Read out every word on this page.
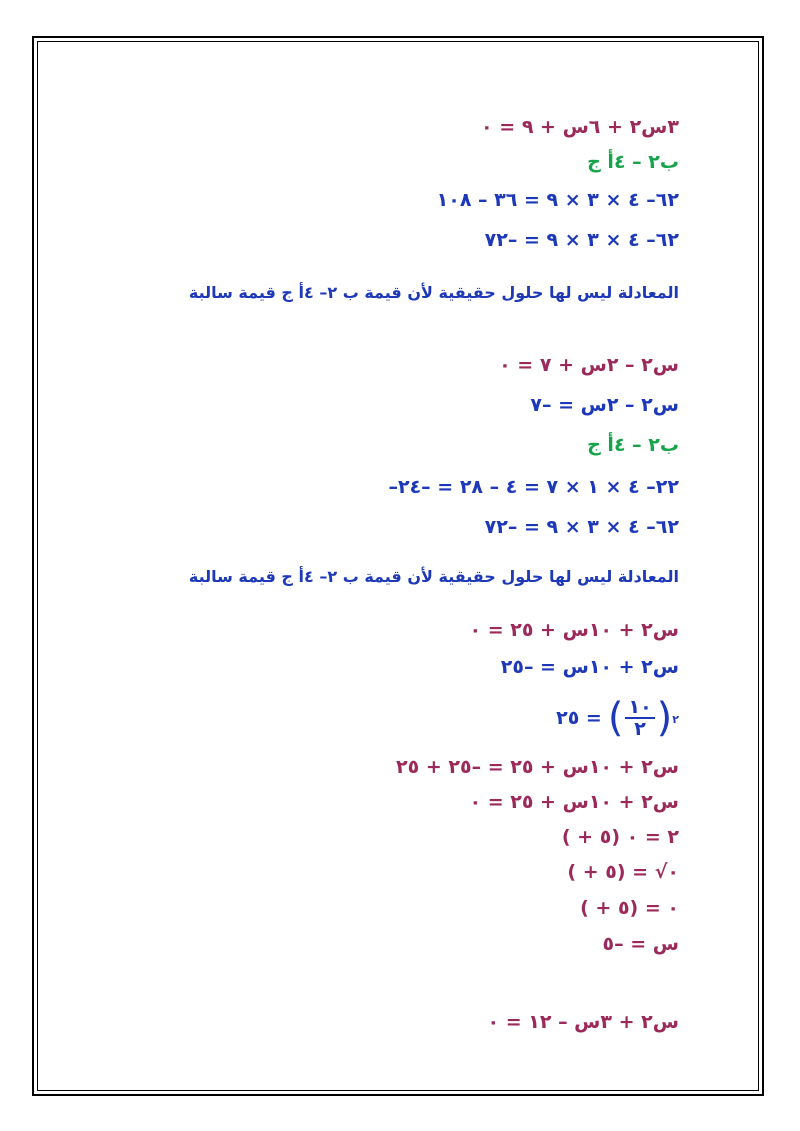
٣س٢ + ٦س + ٩ = ٠
ب٢ – ٤أ ج
٦٢– ٤ × ٣ × ٩ = ٣٦ – ١٠٨
٦٢– ٤ × ٣ × ٩ = –٧٢
المعادلة ليس لها حلول حقيقية لأن قيمة ب ٢– ٤أ ج قيمة سالبة
س٢ – ٢س + ٧ = ٠
س٢ – ٢س = –٧
ب٢ – ٤أ ج
–٢٢– ٤ × ١ × ٧ = ٤ – ٢٨ = –٢٤
٦٢– ٤ × ٣ × ٩ = –٧٢
المعادلة ليس لها حلول حقيقية لأن قيمة ب ٢– ٤أ ج قيمة سالبة
س٢ + ١٠س + ٢٥ = ٠
س٢ + ١٠س = –٢٥
( $\frac{١٠}{٢}$ ) ٢
= ٢٥
س٢ + ١٠س + ٢٥ = –٢٥ + ٢٥
س٢ + ١٠س + ٢٥ = ٠
( + ٥) ٢ = ٠
( + ٥) = √٠
( + ٥) = ٠
س = –٥
س٢ + ٣س – ١٢ = ٠
